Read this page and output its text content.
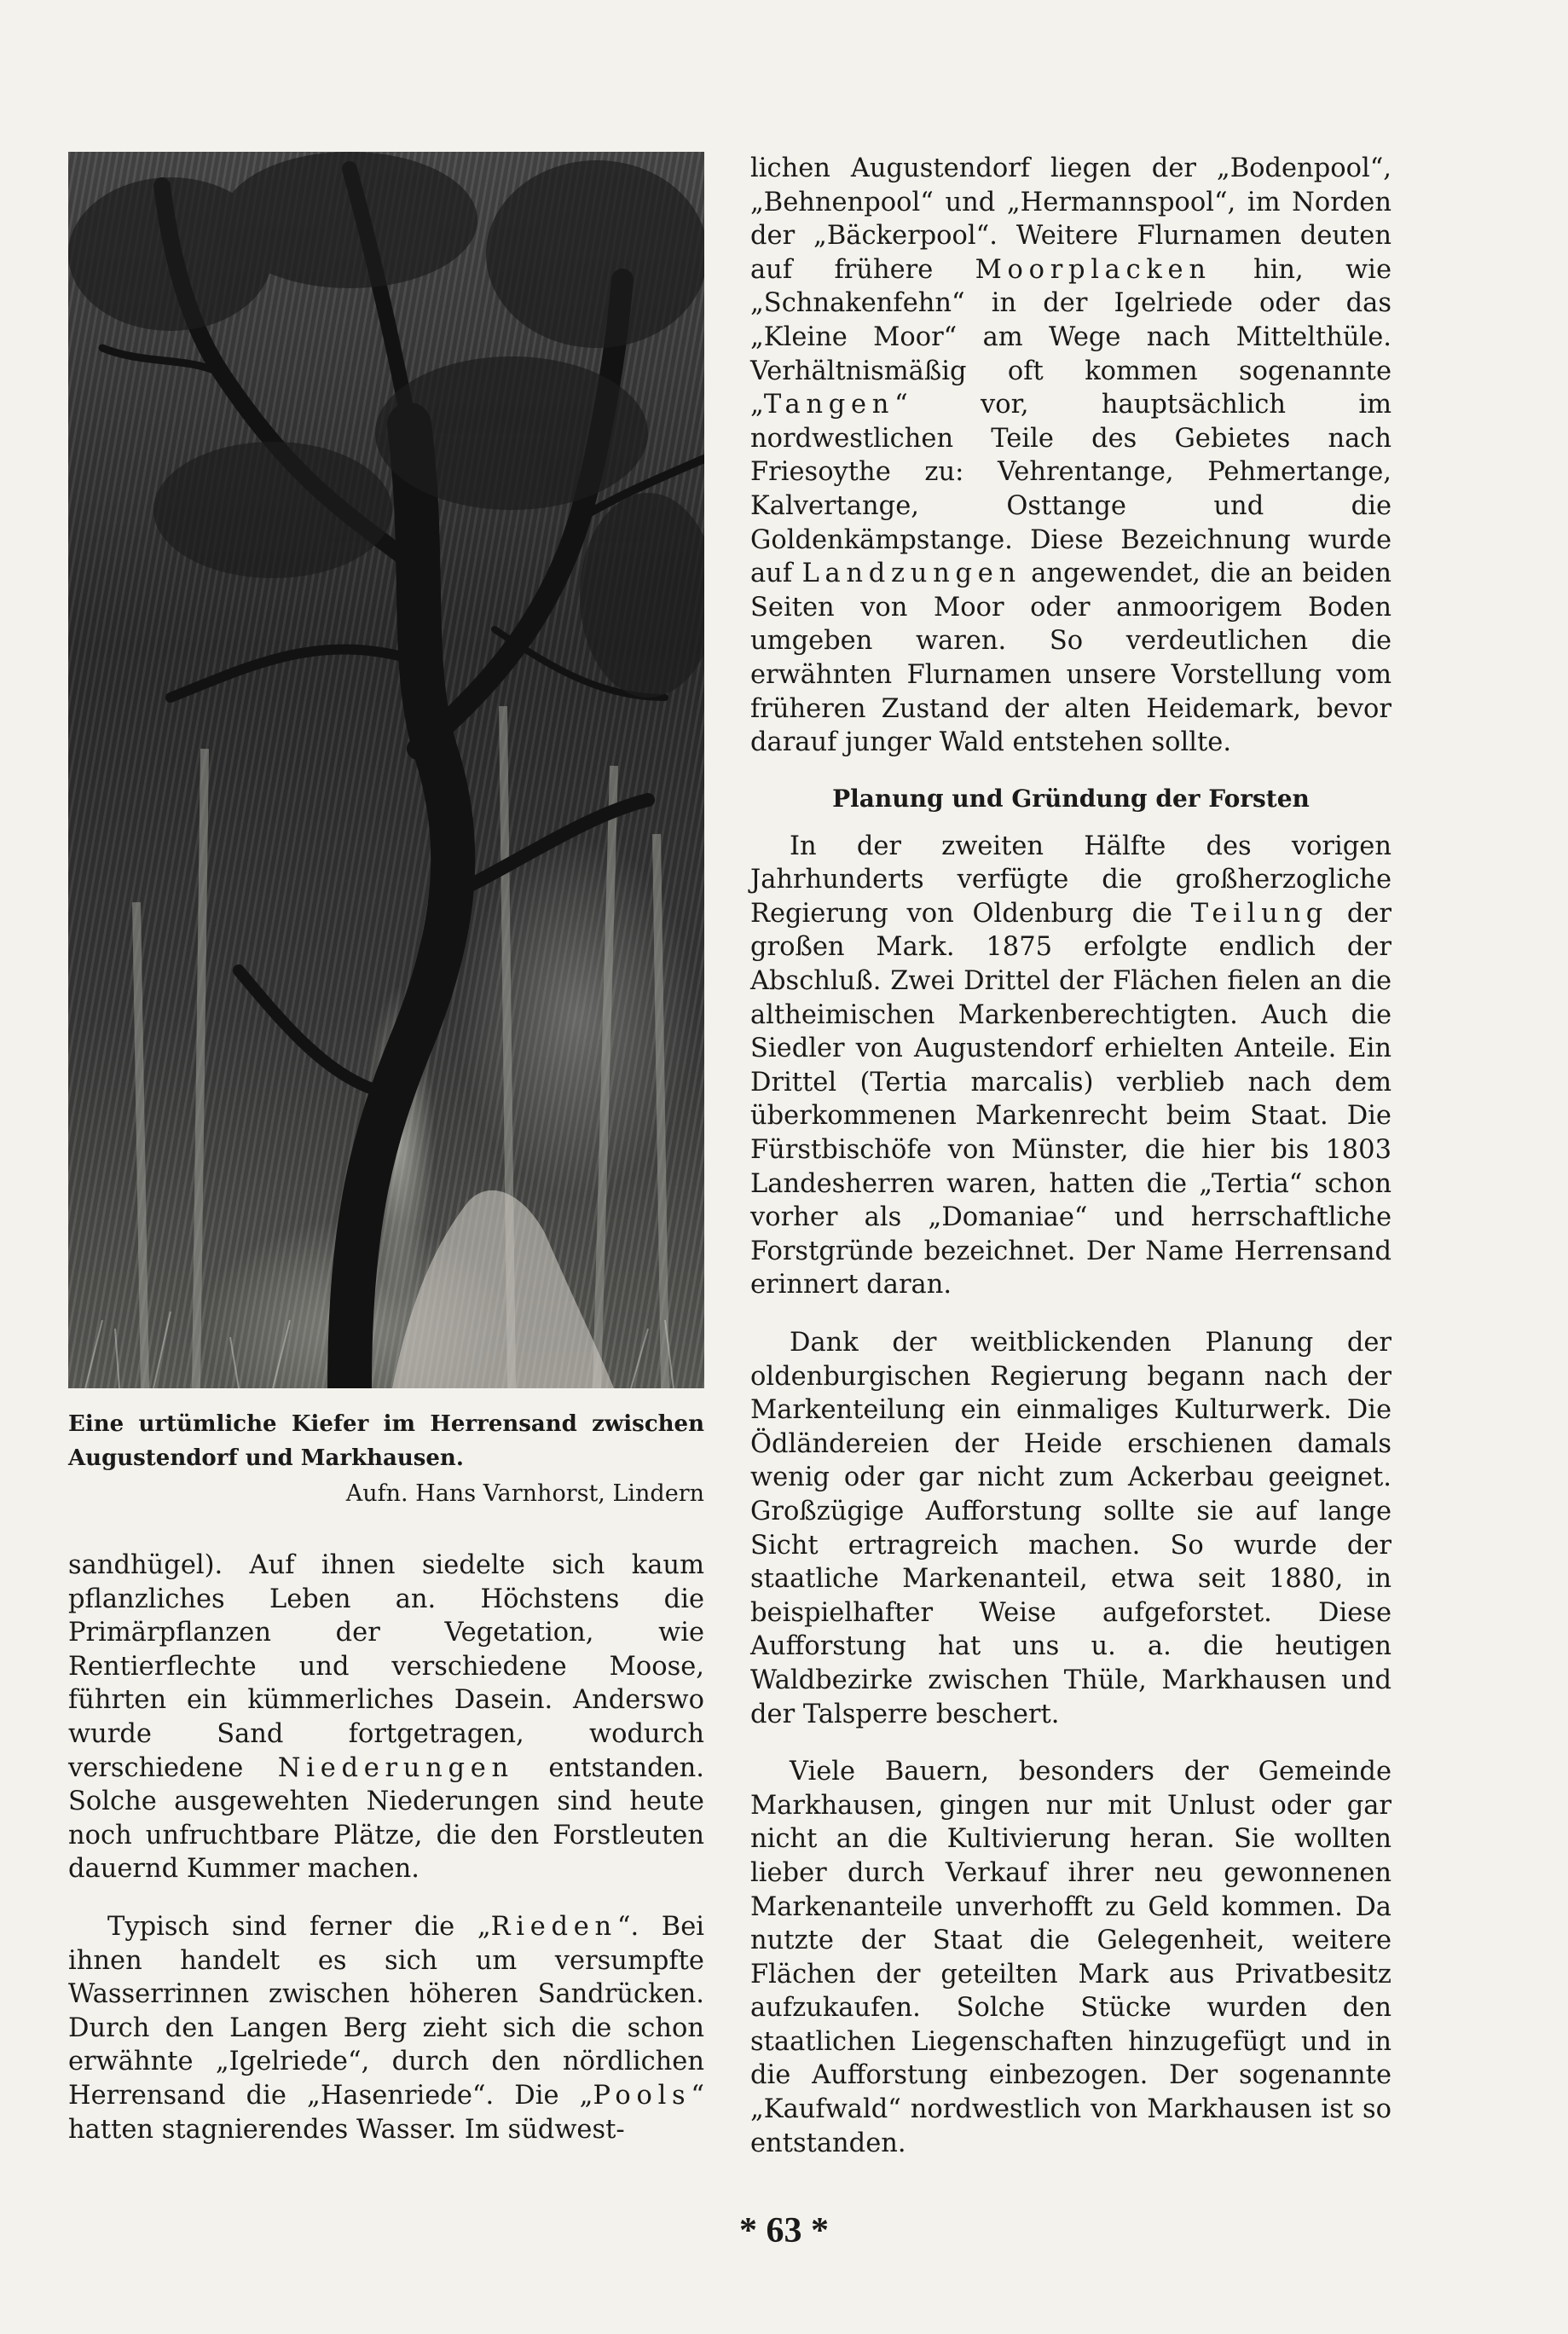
Eine urtümliche Kiefer im Herrensand zwischen Augustendorf und Markhausen.

Aufn. Hans Varnhorst, Lindern

sandhügel). Auf ihnen siedelte sich kaum pflanzliches Leben an. Höchstens die Primärpflanzen der Vegetation, wie Rentierflechte und verschiedene Moose, führten ein kümmerliches Dasein. Anderswo wurde Sand fortgetragen, wodurch verschiedene Niederungen entstanden. Solche ausgewehten Niederungen sind heute noch unfruchtbare Plätze, die den Forstleuten dauernd Kummer machen.

Typisch sind ferner die „Rieden“. Bei ihnen handelt es sich um versumpfte Wasserrinnen zwischen höheren Sandrücken. Durch den Langen Berg zieht sich die schon erwähnte „Igelriede“, durch den nördlichen Herrensand die „Hasenriede“. Die „Pools“ hatten stagnierendes Wasser. Im südwest-

lichen Augustendorf liegen der „Bodenpool“, „Behnenpool“ und „Hermannspool“, im Norden der „Bäckerpool“. Weitere Flurnamen deuten auf frühere Moorplacken hin, wie „Schnakenfehn“ in der Igelriede oder das „Kleine Moor“ am Wege nach Mittelthüle. Verhältnismäßig oft kommen sogenannte „Tangen“ vor, hauptsächlich im nordwestlichen Teile des Gebietes nach Friesoythe zu: Vehrentange, Pehmertange, Kalvertange, Osttange und die Goldenkämpstange. Diese Bezeichnung wurde auf Landzungen angewendet, die an beiden Seiten von Moor oder anmoorigem Boden umgeben waren. So verdeutlichen die erwähnten Flurnamen unsere Vorstellung vom früheren Zustand der alten Heidemark, bevor darauf junger Wald entstehen sollte.

Planung und Gründung der Forsten

In der zweiten Hälfte des vorigen Jahrhunderts verfügte die großherzogliche Regierung von Oldenburg die Teilung der großen Mark. 1875 erfolgte endlich der Abschluß. Zwei Drittel der Flächen fielen an die altheimischen Markenberechtigten. Auch die Siedler von Augustendorf erhielten Anteile. Ein Drittel (Tertia marcalis) verblieb nach dem überkommenen Markenrecht beim Staat. Die Fürstbischöfe von Münster, die hier bis 1803 Landesherren waren, hatten die „Tertia“ schon vorher als „Domaniae“ und herrschaftliche Forstgründe bezeichnet. Der Name Herrensand erinnert daran.

Dank der weitblickenden Planung der oldenburgischen Regierung begann nach der Markenteilung ein einmaliges Kulturwerk. Die Ödländereien der Heide erschienen damals wenig oder gar nicht zum Ackerbau geeignet. Großzügige Aufforstung sollte sie auf lange Sicht ertragreich machen. So wurde der staatliche Markenanteil, etwa seit 1880, in beispielhafter Weise aufgeforstet. Diese Aufforstung hat uns u. a. die heutigen Waldbezirke zwischen Thüle, Markhausen und der Talsperre beschert.

Viele Bauern, besonders der Gemeinde Markhausen, gingen nur mit Unlust oder gar nicht an die Kultivierung heran. Sie wollten lieber durch Verkauf ihrer neu gewonnenen Markenanteile unverhofft zu Geld kommen. Da nutzte der Staat die Gelegenheit, weitere Flächen der geteilten Mark aus Privatbesitz aufzukaufen. Solche Stücke wurden den staatlichen Liegenschaften hinzugefügt und in die Aufforstung einbezogen. Der sogenannte „Kaufwald“ nordwestlich von Markhausen ist so entstanden.

* 63 *
